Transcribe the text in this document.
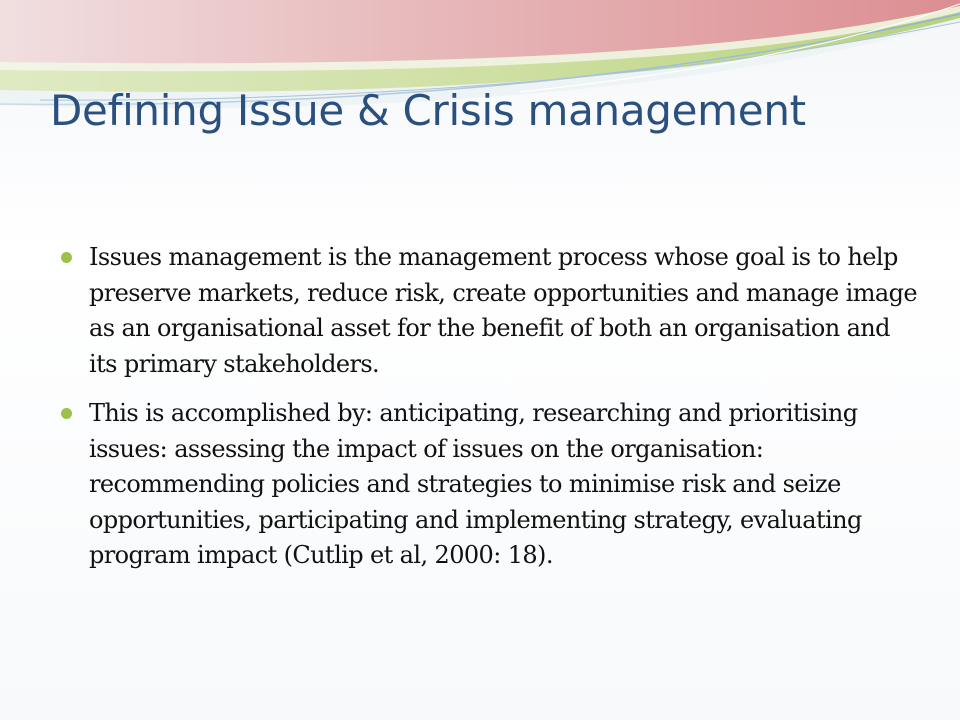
Defining Issue & Crisis management
Issues management is the management process whose goal is to help preserve markets, reduce risk, create opportunities and manage image as an organisational asset for the benefit of both an organisation and its primary stakeholders.
This is accomplished by: anticipating, researching and prioritising issues: assessing the impact of issues on the organisation: recommending policies and strategies to minimise risk and seize opportunities, participating and implementing strategy, evaluating program impact (Cutlip et al, 2000: 18).
